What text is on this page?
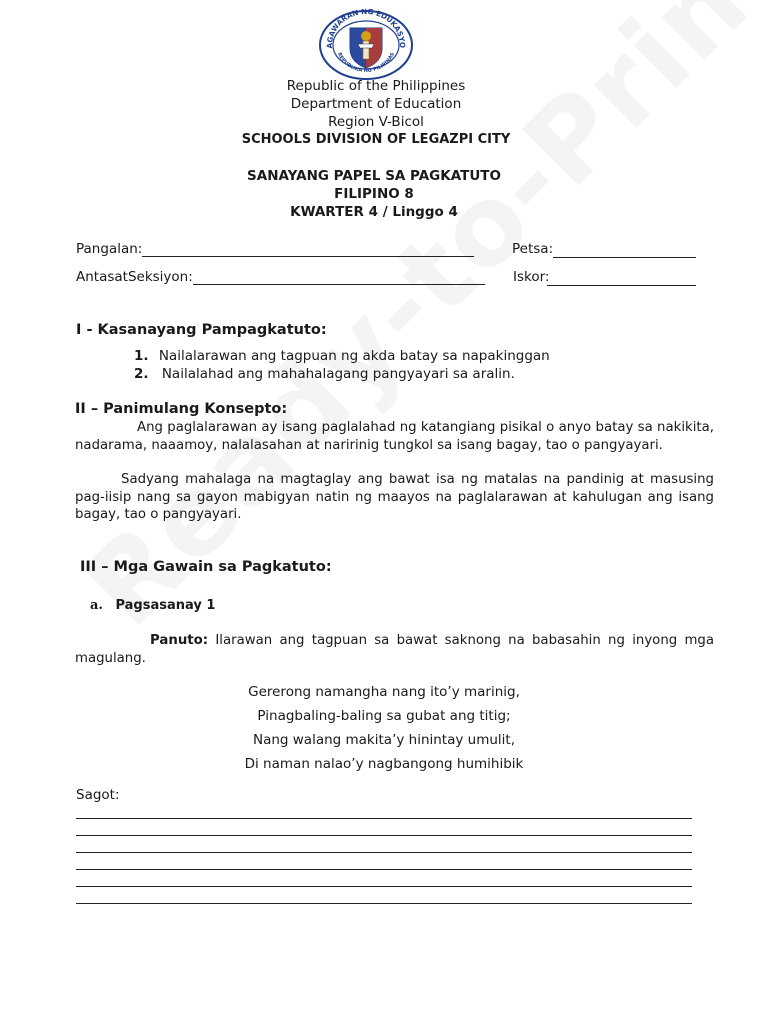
AGAWARAN NG EDUKASYO
REPUBLIKA NG PILIPINAS
Republic of the Philippines
Department of Education
Region V-Bicol
SCHOOLS DIVISION OF LEGAZPI CITY
SANAYANG PAPEL SA PAGKATUTO
FILIPINO 8
KWARTER 4 / Linggo 4
Pangalan:	Petsa:
AntasatSeksiyon:	Iskor:
I - Kasanayang Pampagkatuto:
1. Nailalarawan ang tagpuan ng akda batay sa napakinggan
2. Nailalahad ang mahahalagang pangyayari sa aralin.
II – Panimulang Konsepto:
Ang paglalarawan ay isang paglalahad ng katangiang pisikal o anyo batay sa nakikita, nadarama, naaamoy, nalalasahan at naririnig tungkol sa isang bagay, tao o pangyayari.
Sadyang mahalaga na magtaglay ang bawat isa ng matalas na pandinig at masusing pag-iisip nang sa gayon mabigyan natin ng maayos na paglalarawan at kahulugan ang isang bagay, tao o pangyayari.
III – Mga Gawain sa Pagkatuto:
a. Pagsasanay 1
Panuto: Ilarawan ang tagpuan sa bawat saknong na babasahin ng inyong mga magulang.
Gererong namangha nang ito’y marinig,
Pinagbaling-baling sa gubat ang titig;
Nang walang makita’y hinintay umulit,
Di naman nalao’y nagbangong humihibik
Sagot:
